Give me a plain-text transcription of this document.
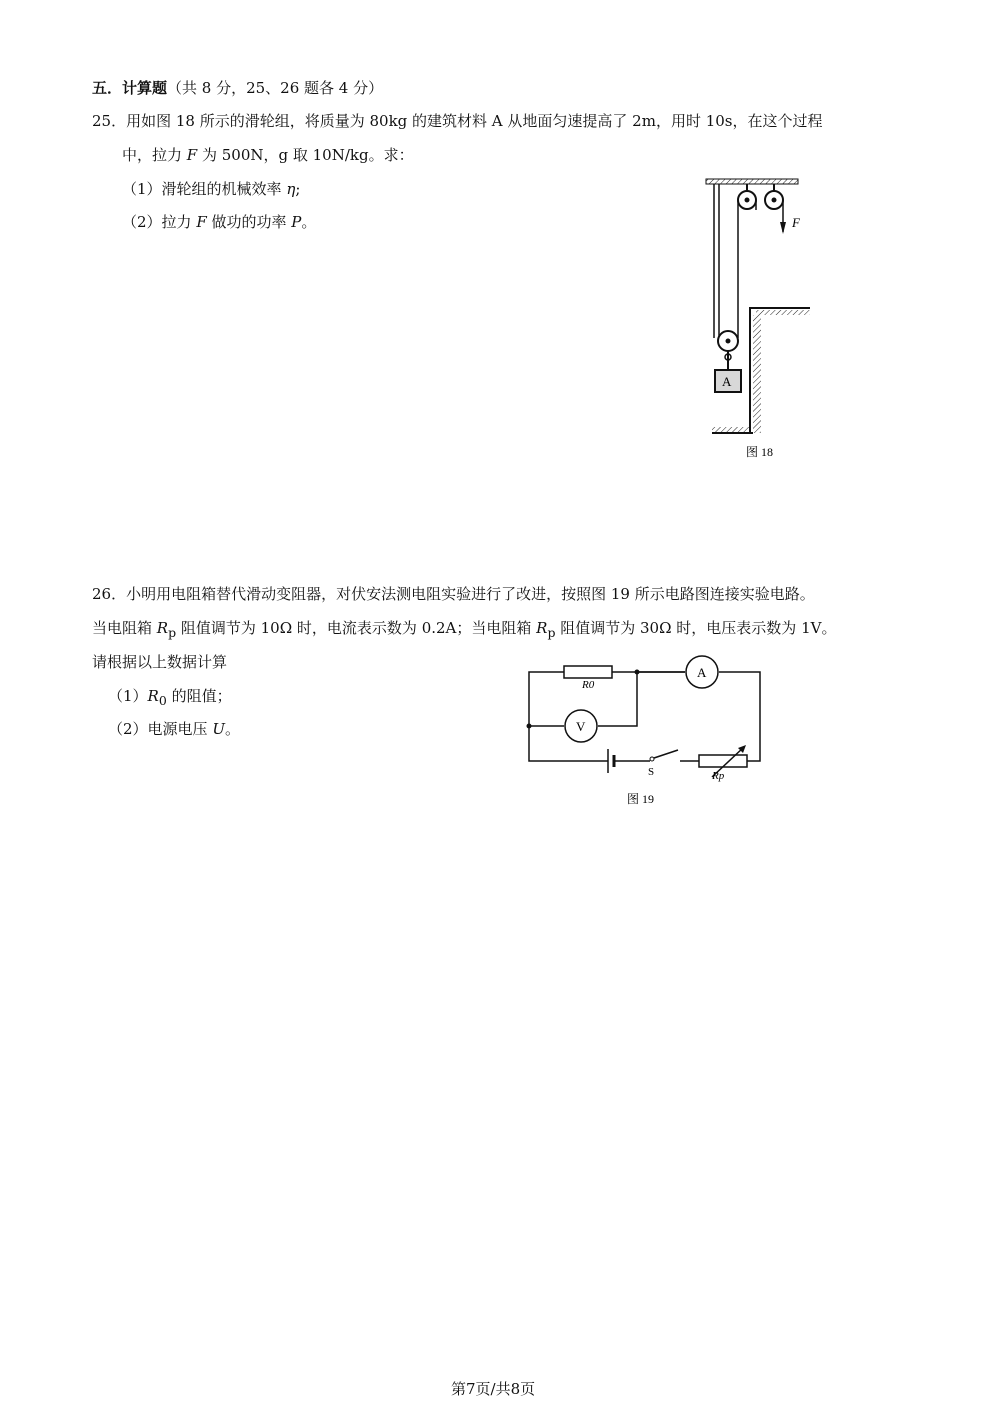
五．计算题（共 8 分，25、26 题各 4 分）
25．用如图 18 所示的滑轮组，将质量为 80kg 的建筑材料 A 从地面匀速提高了 2m，用时 10s，在这个过程
中，拉力 F 为 500N，g 取 10N/kg。求：
（1）滑轮组的机械效率 η;
（2）拉力 F 做功的功率 P。	F
A
图 18
26．小明用电阻箱替代滑动变阻器，对伏安法测电阻实验进行了改进，按照图 19 所示电路图连接实验电路。
当电阻箱 $R_p$ 阻值调节为 10Ω 时，电流表示数为 0.2A；当电阻箱 $R_p$ 阻值调节为 30Ω 时，电压表示数为 1V。
请根据以上数据计算
$(1)R_0$ 的阻值；
（2）电源电压 U。
R0
A
V
S	Rp
图 19
第7页/共8页
